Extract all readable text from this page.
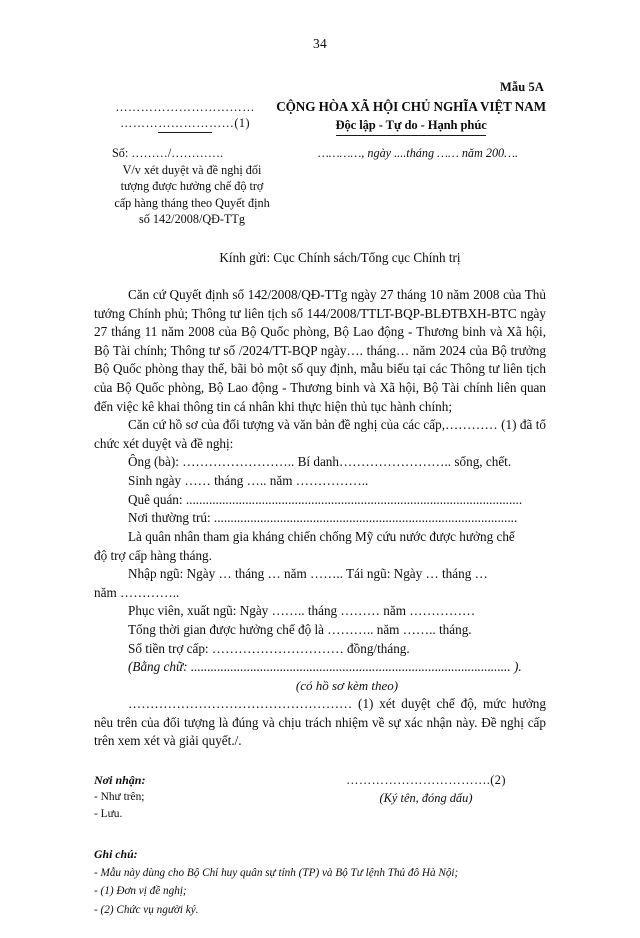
34
Mẫu 5A
……………………………
………………………(1)
CỘNG HÒA XÃ HỘI CHỦ NGHĨA VIỆT NAM
Độc lập - Tự do - Hạnh phúc
Số: ………/………….
V/v xét duyệt và đề nghị đối
tượng được hưởng chế độ trợ
cấp hàng tháng theo Quyết định
số 142/2008/QĐ-TTg
…………, ngày ....tháng …… năm 200….
Kính gửi: Cục Chính sách/Tổng cục Chính trị

Căn cứ Quyết định số 142/2008/QĐ-TTg ngày 27 tháng 10 năm 2008 của Thủ tướng Chính phủ; Thông tư liên tịch số 144/2008/TTLT-BQP-BLĐTBXH-BTC ngày 27 tháng 11 năm 2008 của Bộ Quốc phòng, Bộ Lao động - Thương binh và Xã hội, Bộ Tài chính; Thông tư số /2024/TT-BQP ngày…. tháng… năm 2024 của Bộ trưởng Bộ Quốc phòng thay thế, bãi bỏ một số quy định, mẫu biểu tại các Thông tư liên tịch của Bộ Quốc phòng, Bộ Lao động - Thương binh và Xã hội, Bộ Tài chính liên quan đến việc kê khai thông tin cá nhân khi thực hiện thủ tục hành chính;

Căn cứ hồ sơ của đối tượng và văn bản đề nghị của các cấp,………… (1) đã tổ chức xét duyệt và đề nghị:

Ông (bà): …………………….. Bí danh…………………….. sống, chết.

Sinh ngày …… tháng ….. năm ……………..

Quê quán: ......................................................................................................

Nơi thường trú: ............................................................................................

Là quân nhân tham gia kháng chiến chống Mỹ cứu nước được hưởng chế

độ trợ cấp hàng tháng.

Nhập ngũ: Ngày … tháng … năm …….. Tái ngũ: Ngày … tháng …

năm …………..

Phục viên, xuất ngũ: Ngày …….. tháng ……… năm ……………

Tổng thời gian được hưởng chế độ là ……….. năm …….. tháng.

Số tiền trợ cấp: ………………………… đồng/tháng.

(Bằng chữ: ................................................................................................. ).

(có hồ sơ kèm theo)

…………………………………………… (1) xét duyệt chế độ, mức hưởng nêu trên của đối tượng là đúng và chịu trách nhiệm về sự xác nhận này. Đề nghị cấp trên xem xét và giải quyết./.

Nơi nhận:
- Như trên;
- Lưu.
…………………………….(2)
(Ký tên, đóng dấu)
Ghi chú:
- Mẫu này dùng cho Bộ Chỉ huy quân sự tỉnh (TP) và Bộ Tư lệnh Thủ đô Hà Nội;
- (1) Đơn vị đề nghị;
- (2) Chức vụ người ký.
